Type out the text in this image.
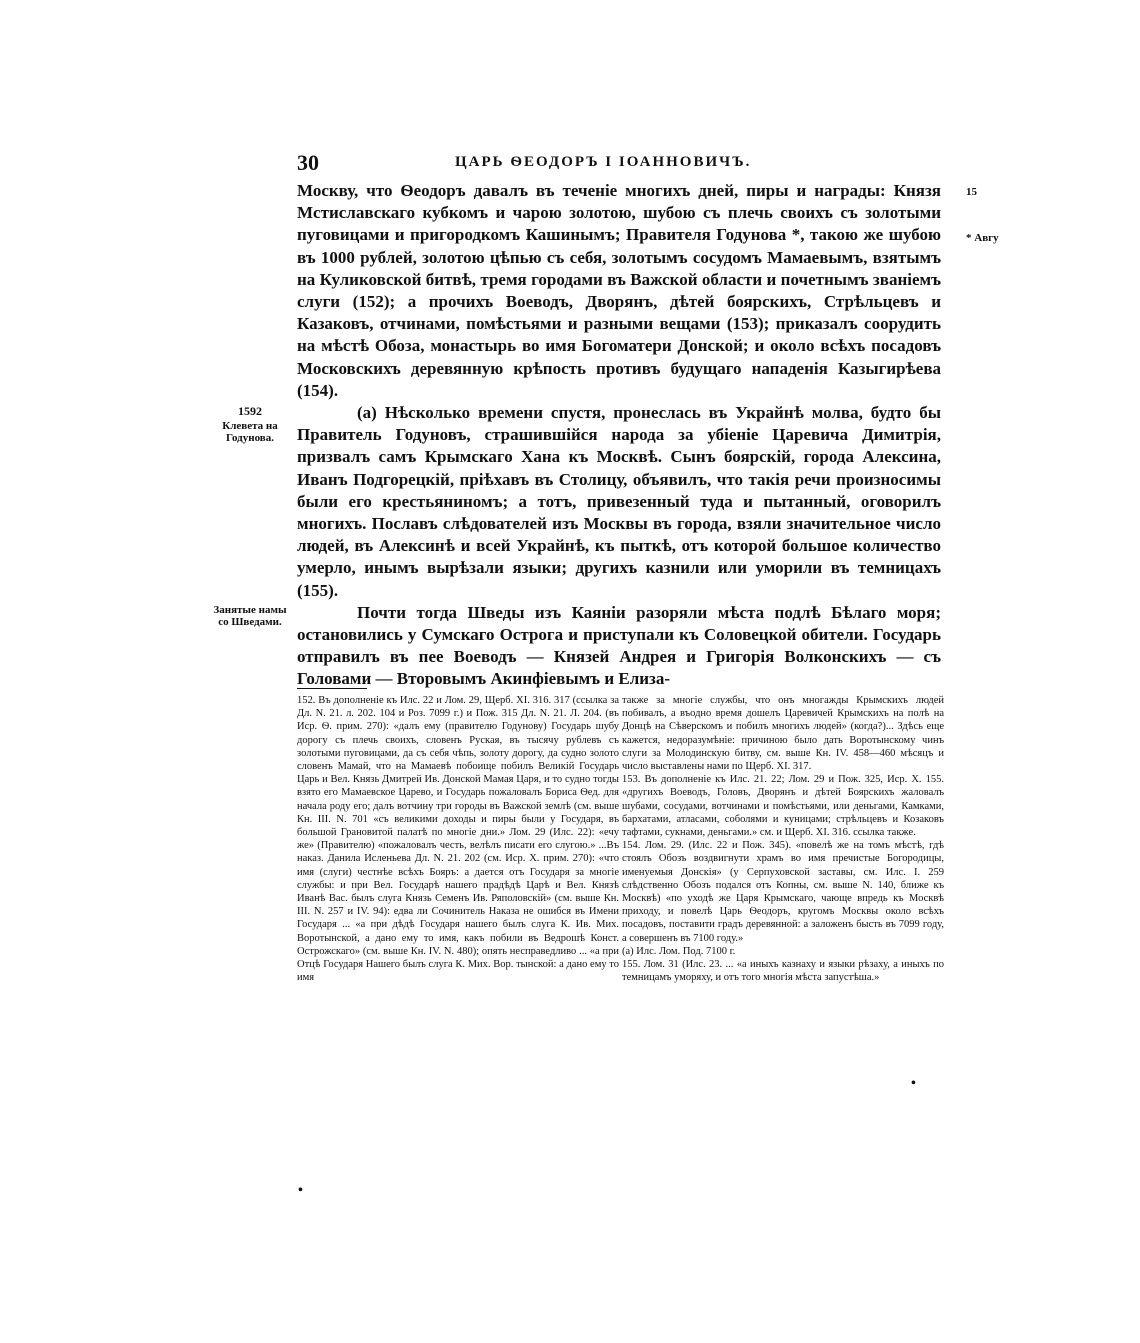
30	ЦАРЬ ѲЕОДОРЪ І ІОАННОВИЧЪ.
15
* Авгу
1592
Клевета на Годунова.
Занятые намы со Шведами.

Москву, что Ѳеодоръ давалъ въ теченіе многихъ дней, пиры и награды: Князя Мстиславскаго кубкомъ и чарою золотою, шубою съ плечь своихъ съ золотыми пуговицами и пригородкомъ Кашинымъ; Правителя Годунова *, такою же шубою въ 1000 рублей, золотою цѣпью съ себя, золотымъ сосудомъ Мамаевымъ, взятымъ на Куликовской битвѣ, тремя городами въ Важской области и почетнымъ званіемъ слуги (152); а прочихъ Воеводъ, Дворянъ, дѣтей боярскихъ, Стрѣльцевъ и Казаковъ, отчинами, помѣстьями и разными вещами (153); приказалъ соорудить на мѣстѣ Обоза, монастырь во имя Богоматери Донской; и около всѣхъ посадовъ Московскихъ деревянную крѣпость противъ будущаго нападенія Казыгирѣева (154).

(а) Нѣсколько времени спустя, пронеслась въ Украйнѣ молва, будто бы Правитель Годуновъ, страшившійся народа за убіеніе Царевича Димитрія, призвалъ самъ Крымскаго Хана къ Москвѣ. Сынъ боярскій, города Алексина, Иванъ Подгорецкій, пріѣхавъ въ Столицу, объявилъ, что такія речи произносимы были его крестьяниномъ; а тотъ, привезенный туда и пытанный, оговорилъ многихъ. Пославъ слѣдователей изъ Москвы въ города, взяли значительное число людей, въ Алексинѣ и всей Украйнѣ, къ пыткѣ, отъ которой большое количество умерло, инымъ вырѣзали языки; другихъ казнили или уморили въ темницахъ (155).

Почти тогда Шведы изъ Каяніи разоряли мѣста подлѣ Бѣлаго моря; остановились у Сумскаго Острога и приступали къ Соловецкой обители. Государь отправилъ въ пее Воеводъ — Князей Андрея и Григорія Волконскихъ — съ Головами — Второвымъ Акинфіевымъ и Елиза-

152. Въ дополненіе къ Илс. 22 и Лом. 29, Щерб. XI. 316. 317 (ссылка за Дл. N. 21. л. 202. 104 и Роз. 7099 г.) и Пож. 315 Дл. N. 21. Л. 204. (въ Иср. Ѳ. прим. 270): «далъ ему (правителю Годунову) Государь шубу дорогу съ плечь своихъ, словенъ Руская, въ тысячу рублевъ съ золотыми пуговицами, да съ себя чѣпь, золоту дорогу, да судно золото словенъ Мамай, что на Мамаевѣ побоище побилъ Великій Государь Царь и Вел. Князь Дмитрей Ив. Донской Мамая Царя, и то судно тогды взято его Мамаевское Царево, и Государь пожаловалъ Бориса Ѳед. для начала роду его; далъ вотчину три городы въ Важской землѣ (см. выше Кн. III. N. 701 «съ великими доходы и пиры были у Государя, въ большой Грановитой палатѣ по многіе дни.» Лом. 29 (Илс. 22): «ечу же» (Правителю) «пожаловалъ честь, велѣлъ писати его слугою.» ...Въ наказ. Данила Исленьева Дл. N. 21. 202 (см. Иср. X. прим. 270): «что имя (слуги) честнѣе всѣхъ Бояръ: а дается отъ Государя за многіе службы: и при Вел. Государѣ нашего прадѣдѣ Царѣ и Вел. Князѣ Иванѣ Вас. былъ слуга Князь Семенъ Ив. Ряполовскій» (см. выше Кн. III. N. 257 и IV. 94): едва ли Сочинитель Наказа не ошибся въ Имени Государя ... «а при дѣдѣ Государя нашего былъ слуга К. Ив. Мих. Воротынской, а дано ему то имя, какъ побили въ Ведрошѣ Конст. Острожскаго» (см. выше Кн. IV. N. 480); опять несправедливо ... «а при Отцѣ Государя Нашего былъ слуга К. Мих. Вор. тынской: а дано ему то имя

также за многіе службы, что онъ многажды Крымскихъ людей побивалъ, а въодно время дошелъ Царевичей Крымскихъ на полѣ на Донцѣ на Сѣверскомъ и побилъ многихъ людей» (когда?)... Здѣсь еще кажется, недоразумѣніе: причиною было дать Воротынскому чинъ слуги за Молодинскую битву, см. выше Кн. IV. 458—460 мѣсяцъ и число выставлены нами по Щерб. XI. 317.
153. Въ дополненіе къ Илс. 21. 22; Лом. 29 и Пож. 325, Иср. X. 155. «другихъ Воеводъ, Головъ, Дворянъ и дѣтей Боярскихъ жаловалъ шубами, сосудами, вотчинами и помѣстьями, или деньгами, Камками, бархатами, атласами, соболями и куницами; стрѣльцевъ и Козаковъ тафтами, сукнами, деньгами.» см. и Щерб. XI. 316. ссылка также.
154. Лом. 29. (Илс. 22 и Пож. 345). «повелѣ же на томъ мѣстѣ, гдѣ стоялъ Обозъ воздвигнути храмъ во имя пречистые Богородицы, именуемыя Донскія» (у Серпуховской заставы, см. Илс. I. 259 слѣдственно Обозъ подался отъ Копны, см. выше N. 140, ближе къ Москвѣ) «по уходѣ же Царя Крымскаго, чающе впредь къ Москвѣ приходу, и повелѣ Царь Ѳеодоръ, кругомъ Москвы около всѣхъ посадовъ, поставити градъ деревянной: а заложенъ бысть въ 7099 году, а совершенъ въ 7100 году.»
(а) Илс. Лом. Под. 7100 г.
155. Лом. 31 (Илс. 23. ... «а иныхъ казнаху и языки рѣзаху, а иныхъ по темницамъ уморяху, и отъ того многія мѣста запустѣша.»

•
•
